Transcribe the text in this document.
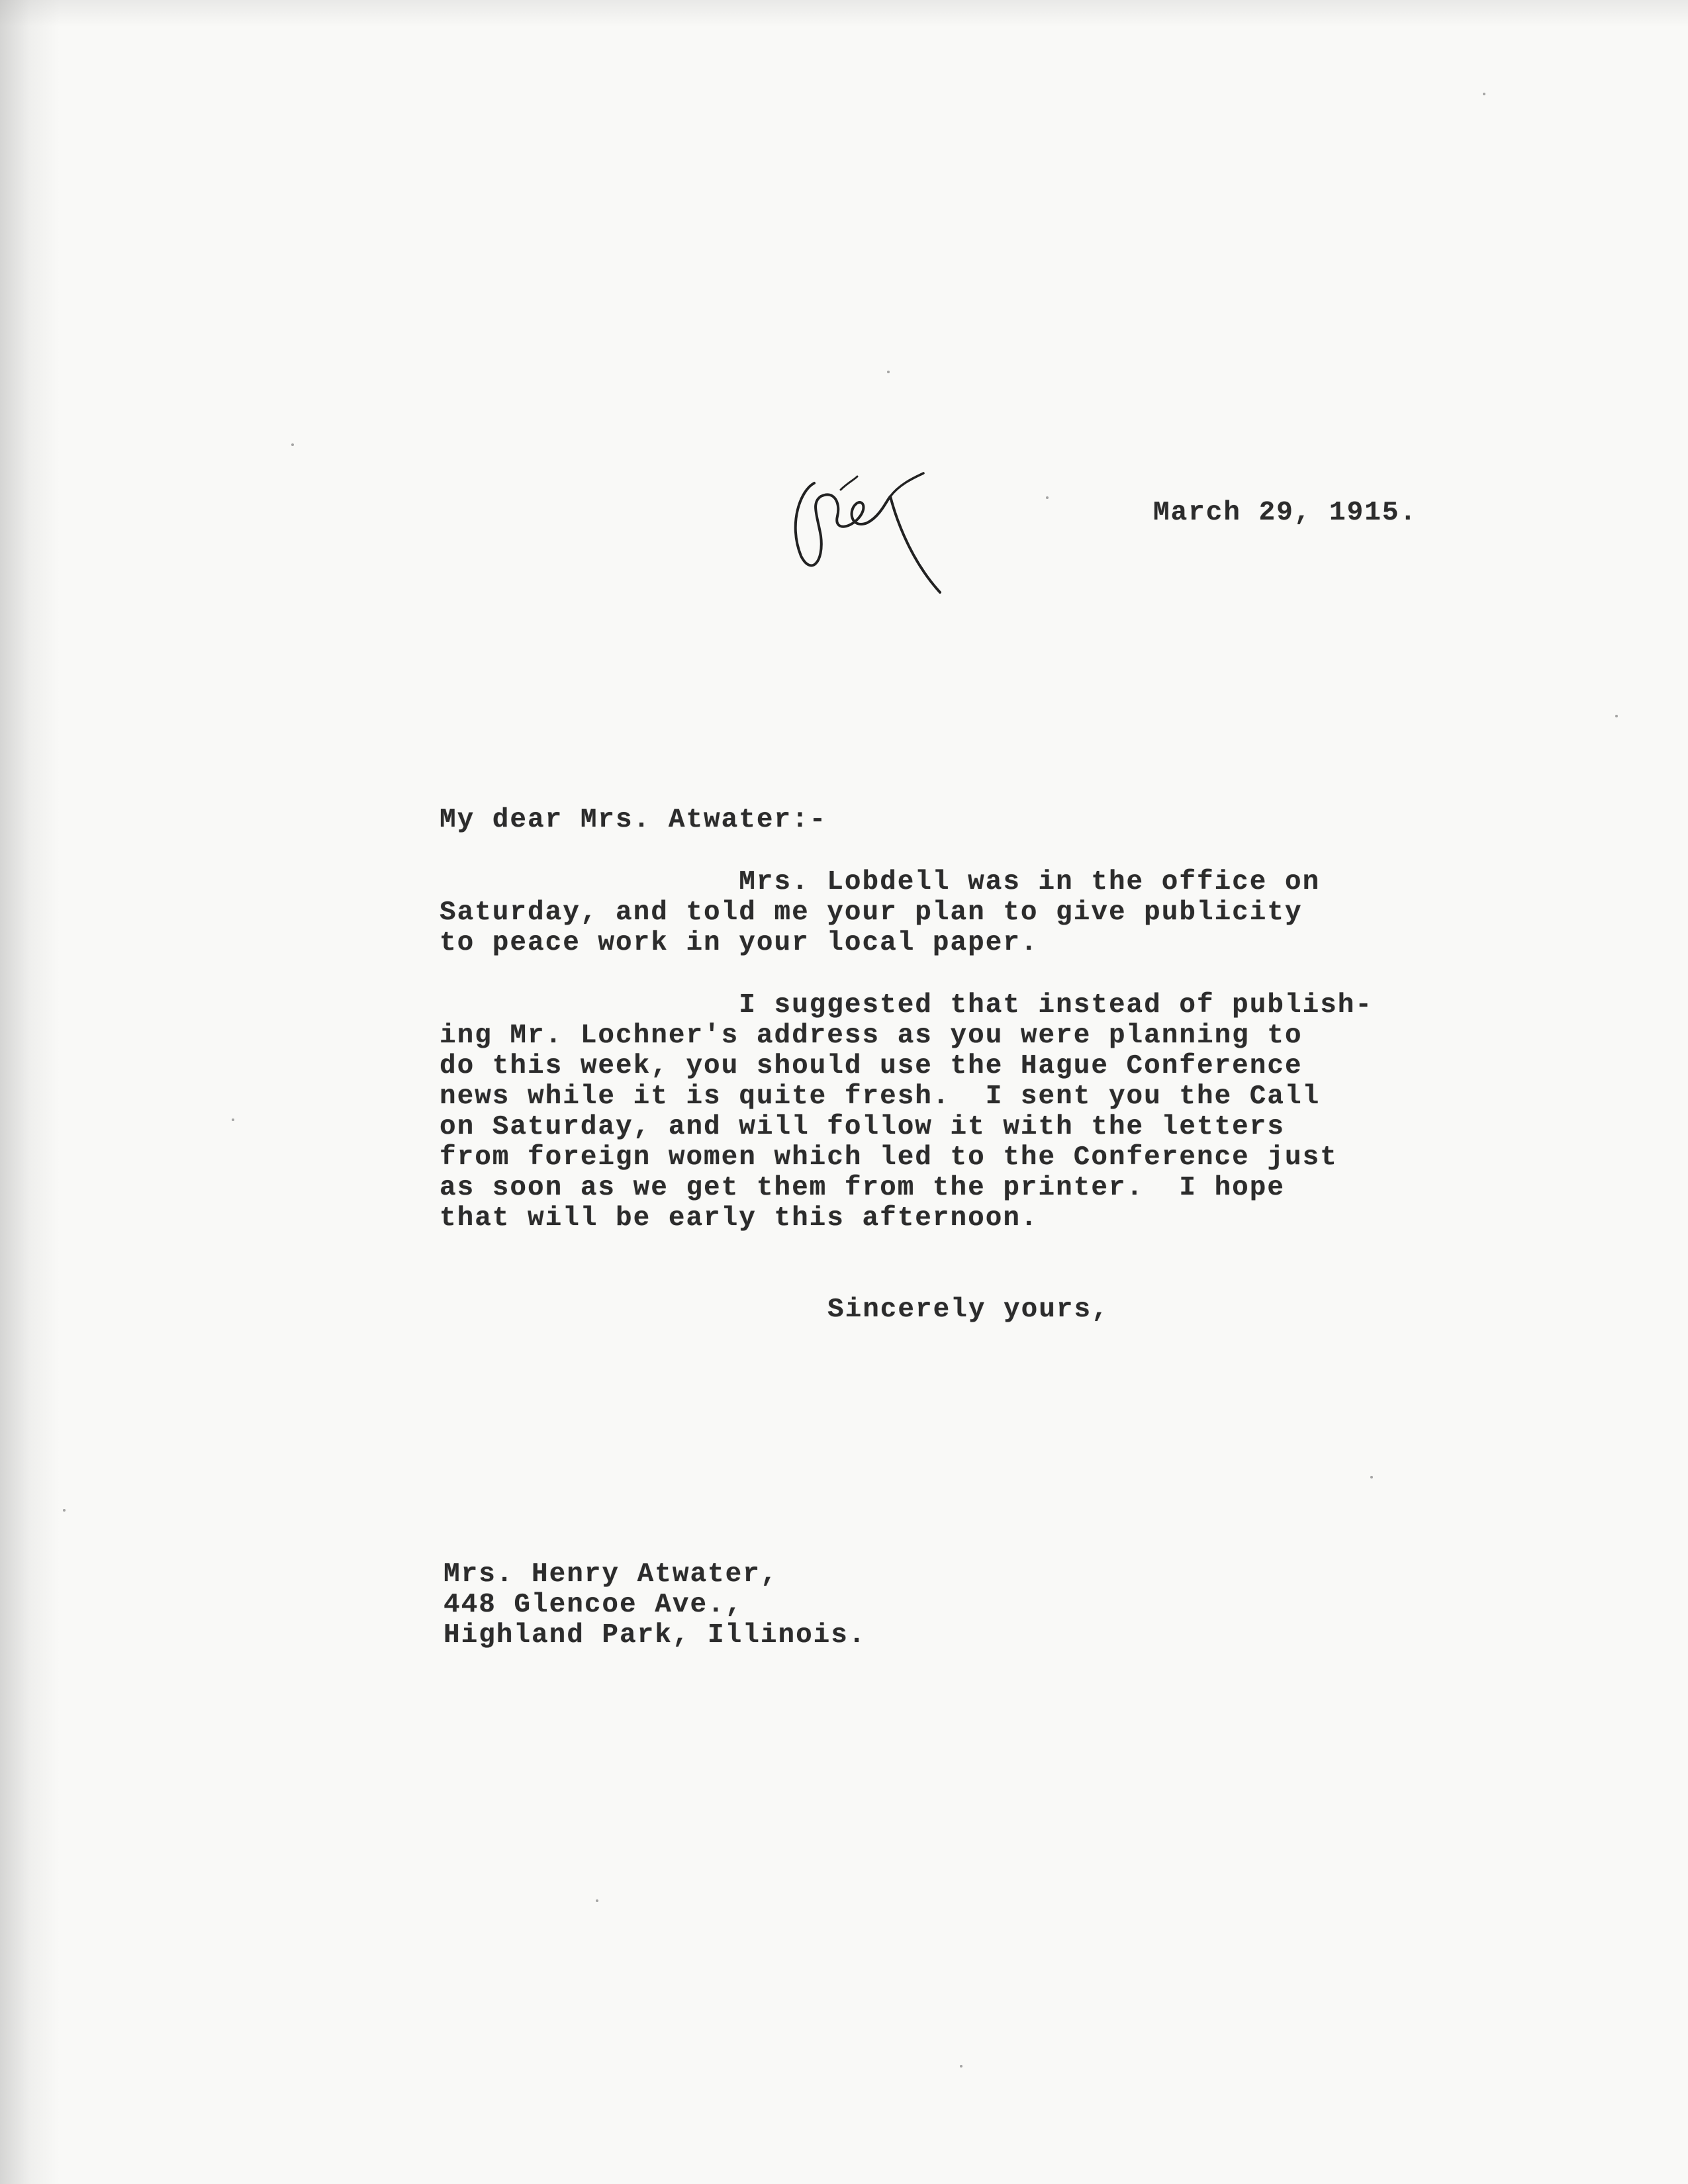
March 29, 1915.

My dear Mrs. Atwater:-

Mrs. Lobdell was in the office on

Saturday, and told me your plan to give publicity

to peace work in your local paper.

I suggested that instead of publish-

ing Mr. Lochner's address as you were planning to

do this week, you should use the Hague Conference

news while it is quite fresh.  I sent you the Call

on Saturday, and will follow it with the letters

from foreign women which led to the Conference just

as soon as we get them from the printer.  I hope

that will be early this afternoon.

Sincerely yours,

Mrs. Henry Atwater,

448 Glencoe Ave.,

Highland Park, Illinois.
